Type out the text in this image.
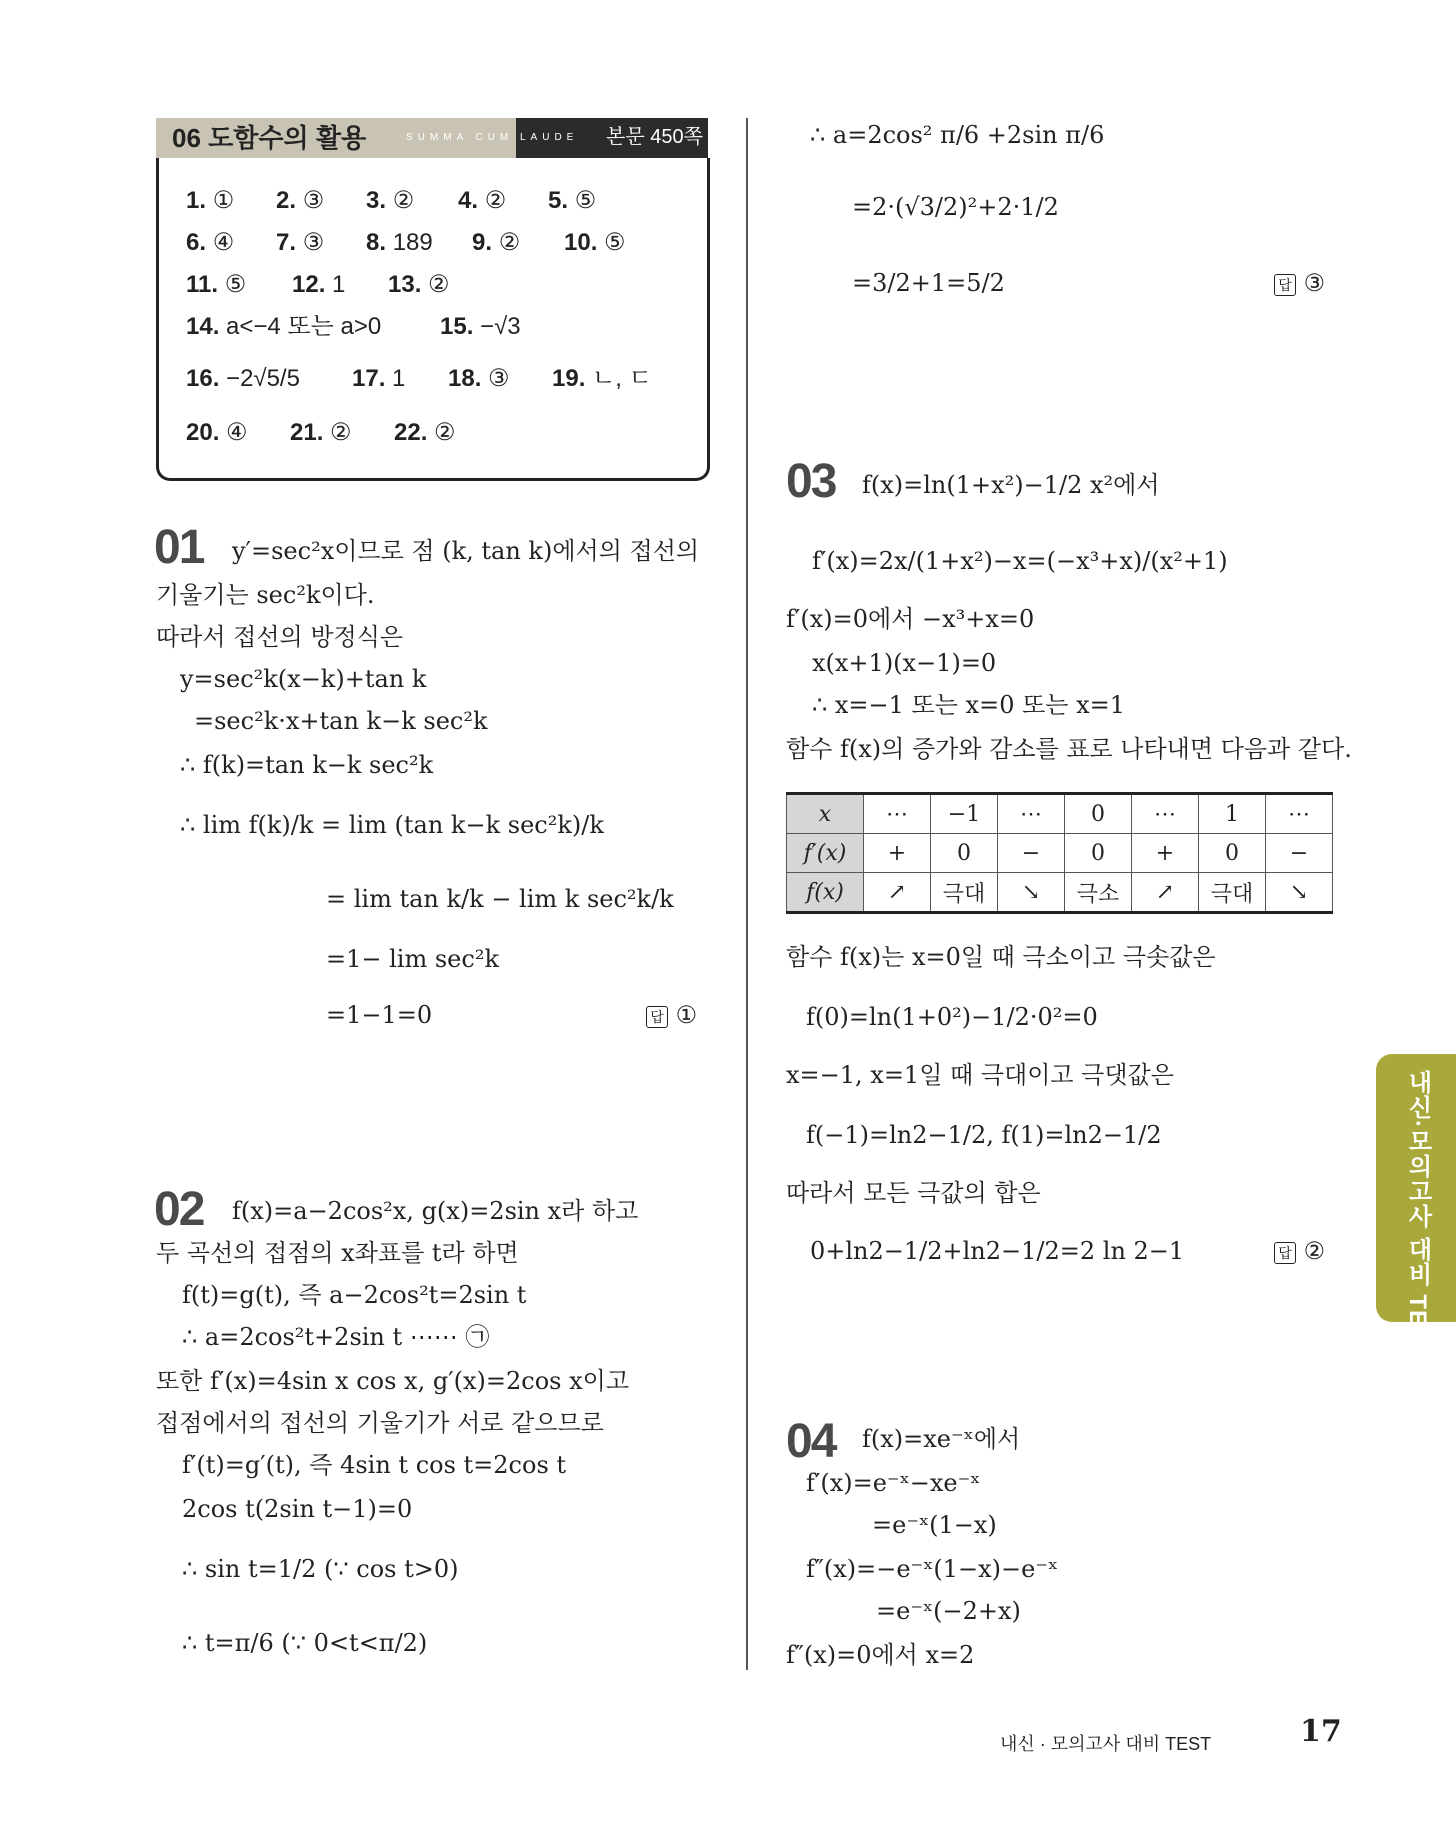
06 도함수의 활용	SUMMA CUM LAUDE 본문 450쪽
1. ① 2. ③ 3. ② 4. ② 5. ⑤
6. ④ 7. ③ 8. 189 9. ② 10. ⑤
11. ⑤ 12. 1 13. ②
14. a<−4 또는 a>0 15. −√3
16. −2√5/5 17. 1 18. ③ 19. ㄴ, ㄷ
20. ④ 21. ② 22. ②
01 y′=sec²x이므로 점 (k, tan k)에서의 접선의
기울기는 sec²k이다.
따라서 접선의 방정식은
y=sec²k(x−k)+tan k
=sec²k·x+tan k−k sec²k
∴ f(k)=tan k−k sec²k
∴ lim f(k)/k = lim (tan k−k sec²k)/k
= lim tan k/k − lim k sec²k/k
=1− lim sec²k
=1−1=0	답 ①
02 f(x)=a−2cos²x, g(x)=2sin x라 하고
두 곡선의 접점의 x좌표를 t라 하면
f(t)=g(t), 즉 a−2cos²t=2sin t
∴ a=2cos²t+2sin t ⋯⋯ ㉠
또한 f′(x)=4sin x cos x, g′(x)=2cos x이고
접점에서의 접선의 기울기가 서로 같으므로
f′(t)=g′(t), 즉 4sin t cos t=2cos t
2cos t(2sin t−1)=0
∴ sin t=1/2 (∵ cos t>0)
∴ t=π/6 (∵ 0<t<π/2)
∴ a=2cos² π/6 +2sin π/6
=2·(√3/2)²+2·1/2
=3/2+1=5/2	답 ③
03 f(x)=ln(1+x²)−1/2 x²에서
f′(x)=2x/(1+x²)−x=(−x³+x)/(x²+1)
f′(x)=0에서 −x³+x=0
x(x+1)(x−1)=0
∴ x=−1 또는 x=0 또는 x=1
함수 f(x)의 증가와 감소를 표로 나타내면 다음과 같다.
x	⋯	−1	⋯	0	⋯	1	⋯
f′(x)	+	0	−	0	+	0	−
f(x)	↗	극대	↘	극소	↗	극대	↘
함수 f(x)는 x=0일 때 극소이고 극솟값은
f(0)=ln(1+0²)−1/2·0²=0
x=−1, x=1일 때 극대이고 극댓값은
f(−1)=ln2−1/2, f(1)=ln2−1/2
따라서 모든 극값의 합은
0+ln2−1/2+ln2−1/2=2 ln 2−1	답 ②
04 f(x)=xe⁻ˣ에서
f′(x)=e⁻ˣ−xe⁻ˣ
=e⁻ˣ(1−x)
f″(x)=−e⁻ˣ(1−x)−e⁻ˣ
=e⁻ˣ(−2+x)
f″(x)=0에서 x=2
내신·모의고사 대비 TEST
내신 · 모의고사 대비 TEST	17
